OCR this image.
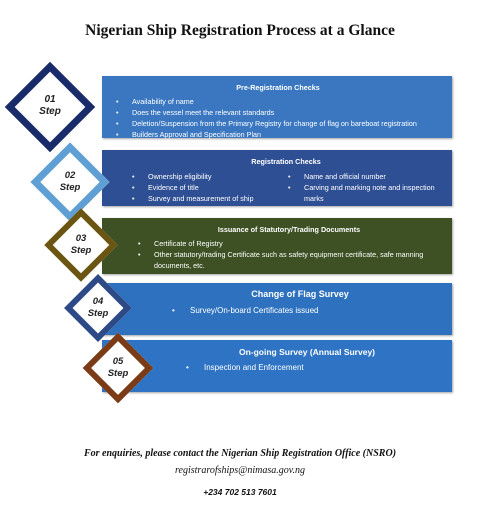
Nigerian Ship Registration Process at a Glance
Pre-Registration Checks
• Availability of name
• Does the vessel meet the relevant standards
• Deletion/Suspension from the Primary Registry for change of flag on bareboat registration
• Builders Approval and Specification Plan
Registration Checks
• Ownership eligibility
• Evidence of title
• Survey and measurement of ship
• Name and official number
• Carving and marking note and inspection marks
Issuance of Statutory/Trading Documents
• Certificate of Registry
• Other statutory/trading Certificate such as safety equipment certificate, safe manning documents, etc.
Change of Flag Survey
• Survey/On-board Certificates issued
On-going Survey (Annual Survey)
• Inspection and Enforcement
01
Step
02
Step
03
Step
04
Step
05
Step
For enquiries, please contact the Nigerian Ship Registration Office (NSRO)
registrarofships@nimasa.gov.ng
+234 702 513 7601
